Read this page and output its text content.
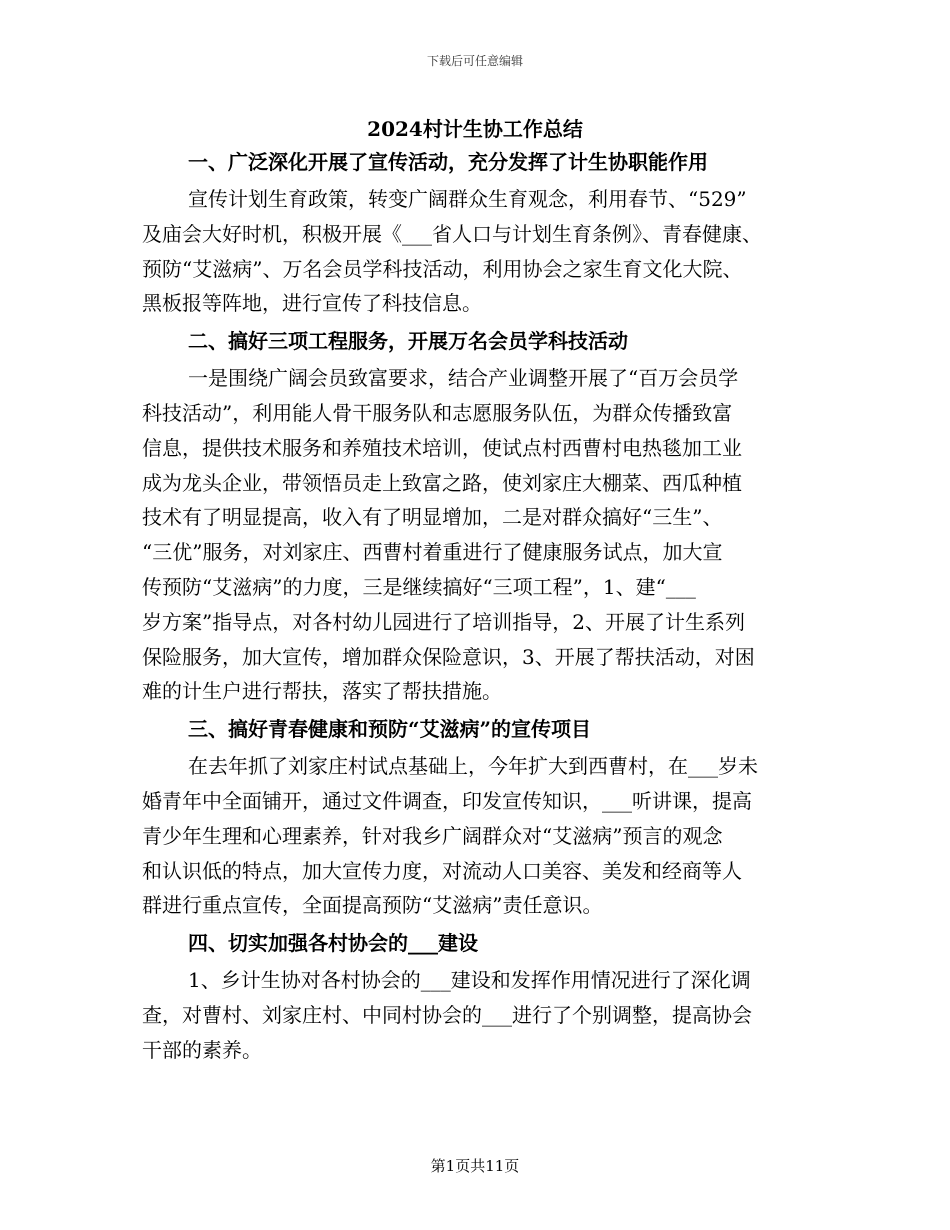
下载后可任意编辑
2024村计生协工作总结
一、广泛深化开展了宣传活动，充分发挥了计生协职能作用
宣传计划生育政策，转变广阔群众生育观念，利用春节、“529”
及庙会大好时机，积极开展《___省人口与计划生育条例》、青春健康、
预防“艾滋病”、万名会员学科技活动，利用协会之家生育文化大院、
黑板报等阵地，进行宣传了科技信息。
二、搞好三项工程服务，开展万名会员学科技活动
一是围绕广阔会员致富要求，结合产业调整开展了“百万会员学
科技活动”，利用能人骨干服务队和志愿服务队伍，为群众传播致富
信息，提供技术服务和养殖技术培训，使试点村西曹村电热毯加工业
成为龙头企业，带领悟员走上致富之路，使刘家庄大棚菜、西瓜种植
技术有了明显提高，收入有了明显增加，二是对群众搞好“三生”、
“三优”服务，对刘家庄、西曹村着重进行了健康服务试点，加大宣
传预防“艾滋病”的力度，三是继续搞好“三项工程”，1、建“___
岁方案”指导点，对各村幼儿园进行了培训指导，2、开展了计生系列
保险服务，加大宣传，增加群众保险意识，3、开展了帮扶活动，对困
难的计生户进行帮扶，落实了帮扶措施。
三、搞好青春健康和预防“艾滋病”的宣传项目
在去年抓了刘家庄村试点基础上，今年扩大到西曹村，在___岁未
婚青年中全面铺开，通过文件调查，印发宣传知识，___听讲课，提高
青少年生理和心理素养，针对我乡广阔群众对“艾滋病”预言的观念
和认识低的特点，加大宣传力度，对流动人口美容、美发和经商等人
群进行重点宣传，全面提高预防“艾滋病”责任意识。
四、切实加强各村协会的___建设
1、乡计生协对各村协会的___建设和发挥作用情况进行了深化调
查，对曹村、刘家庄村、中同村协会的___进行了个别调整，提高协会
干部的素养。
第1页共11页
